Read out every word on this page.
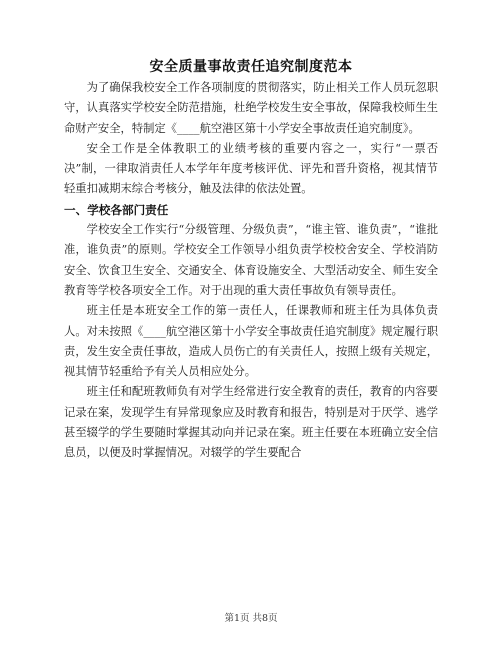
安全质量事故责任追究制度范本

为了确保我校安全工作各项制度的贯彻落实，防止相关工作人员玩忽职守，认真落实学校安全防范措施，杜绝学校发生安全事故，保障我校师生生命财产安全，特制定《____航空港区第十小学安全事故责任追究制度》。

安全工作是全体教职工的业绩考核的重要内容之一，实行“一票否决”制，一律取消责任人本学年年度考核评优、评先和晋升资格，视其情节轻重扣减期末综合考核分，触及法律的依法处置。

一、学校各部门责任

学校安全工作实行“分级管理、分级负责”，“谁主管、谁负责”，“谁批准，谁负责”的原则。学校安全工作领导小组负责学校校舍安全、学校消防安全、饮食卫生安全、交通安全、体育设施安全、大型活动安全、师生安全教育等学校各项安全工作。对于出现的重大责任事故负有领导责任。

班主任是本班安全工作的第一责任人，任课教师和班主任为具体负责人。对未按照《____航空港区第十小学安全事故责任追究制度》规定履行职责，发生安全责任事故，造成人员伤亡的有关责任人，按照上级有关规定，视其情节轻重给予有关人员相应处分。

班主任和配班教师负有对学生经常进行安全教育的责任，教育的内容要记录在案，发现学生有异常现象应及时教育和报告，特别是对于厌学、逃学甚至辍学的学生要随时掌握其动向并记录在案。班主任要在本班确立安全信息员，以便及时掌握情况。对辍学的学生要配合

第1页 共8页
